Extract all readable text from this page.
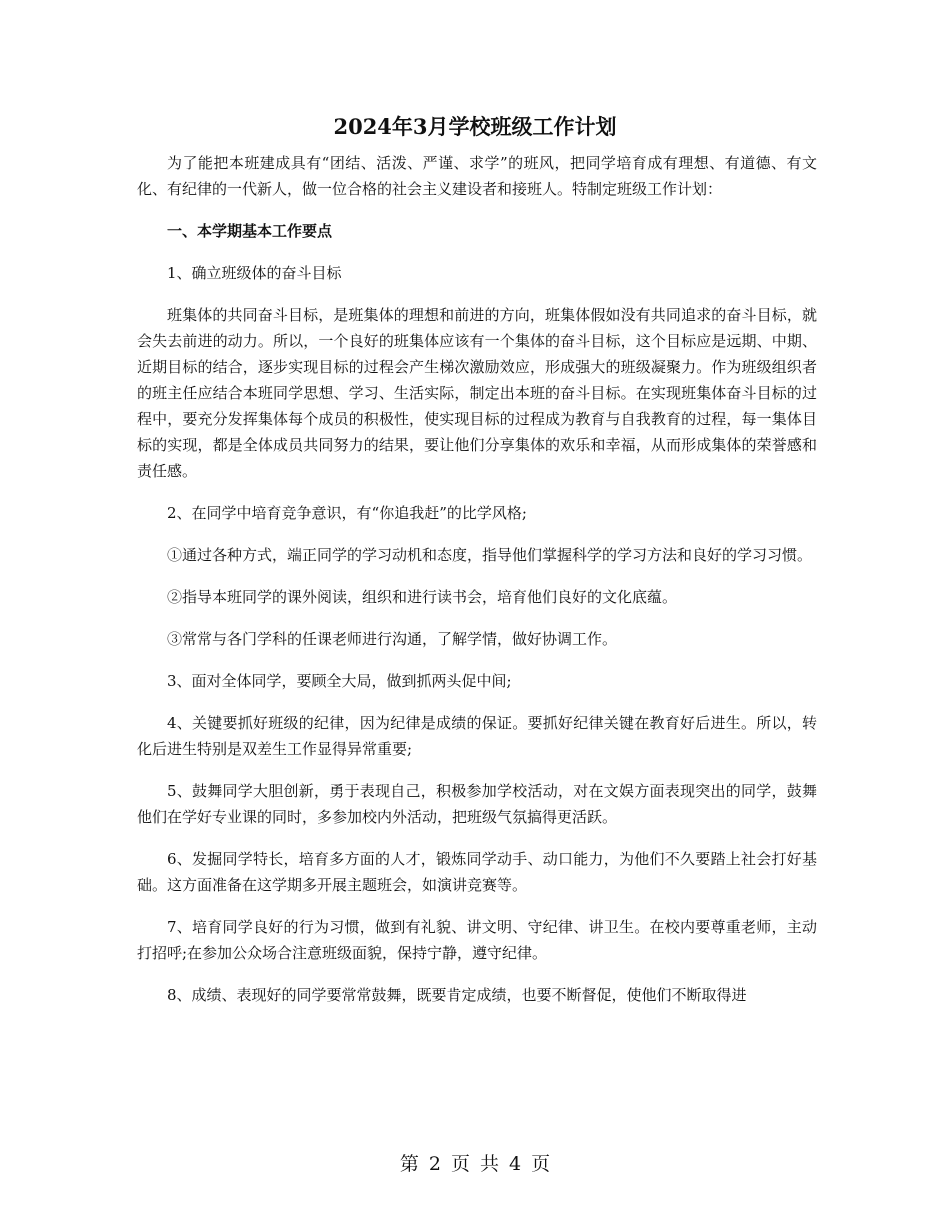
2024年3月学校班级工作计划

为了能把本班建成具有“团结、活泼、严谨、求学”的班风，把同学培育成有理想、有道德、有文化、有纪律的一代新人，做一位合格的社会主义建设者和接班人。特制定班级工作计划：

一、本学期基本工作要点

1、确立班级体的奋斗目标

班集体的共同奋斗目标，是班集体的理想和前进的方向，班集体假如没有共同追求的奋斗目标，就会失去前进的动力。所以，一个良好的班集体应该有一个集体的奋斗目标，这个目标应是远期、中期、近期目标的结合，逐步实现目标的过程会产生梯次激励效应，形成强大的班级凝聚力。作为班级组织者的班主任应结合本班同学思想、学习、生活实际，制定出本班的奋斗目标。在实现班集体奋斗目标的过程中，要充分发挥集体每个成员的积极性，使实现目标的过程成为教育与自我教育的过程，每一集体目标的实现，都是全体成员共同努力的结果，要让他们分享集体的欢乐和幸福，从而形成集体的荣誉感和责任感。

2、在同学中培育竞争意识，有“你追我赶”的比学风格;

①通过各种方式，端正同学的学习动机和态度，指导他们掌握科学的学习方法和良好的学习习惯。

②指导本班同学的课外阅读，组织和进行读书会，培育他们良好的文化底蕴。

③常常与各门学科的任课老师进行沟通，了解学情，做好协调工作。

3、面对全体同学，要顾全大局，做到抓两头促中间;

4、关键要抓好班级的纪律，因为纪律是成绩的保证。要抓好纪律关键在教育好后进生。所以，转化后进生特别是双差生工作显得异常重要;

5、鼓舞同学大胆创新，勇于表现自己，积极参加学校活动，对在文娱方面表现突出的同学，鼓舞他们在学好专业课的同时，多参加校内外活动，把班级气氛搞得更活跃。

6、发掘同学特长，培育多方面的人才，锻炼同学动手、动口能力，为他们不久要踏上社会打好基础。这方面准备在这学期多开展主题班会，如演讲竞赛等。

7、培育同学良好的行为习惯，做到有礼貌、讲文明、守纪律、讲卫生。在校内要尊重老师，主动打招呼;在参加公众场合注意班级面貌，保持宁静，遵守纪律。

8、成绩、表现好的同学要常常鼓舞，既要肯定成绩，也要不断督促，使他们不断取得进

第 2 页 共 4 页
